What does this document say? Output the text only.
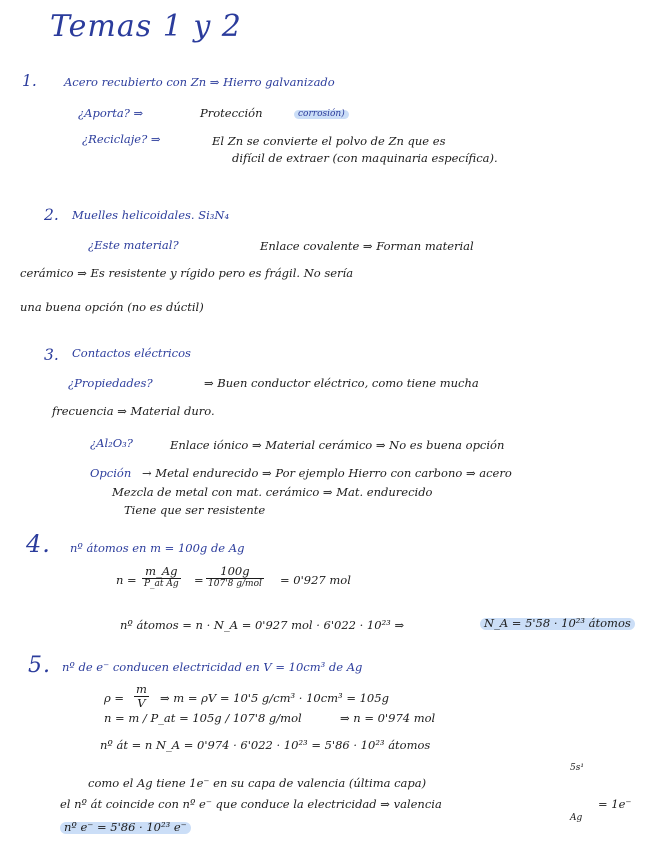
Temas 1 y 2
1. Acero recubierto con Zn ⇒ Hierro galvanizado
¿Aporta? ⇒	Protección	corrosión)
¿Reciclaje? ⇒	El Zn se convierte el polvo de Zn que es
difícil de extraer (con maquinaria específica).
2. Muelles helicoidales. Si₃N₄
¿Este material?	Enlace covalente ⇒ Forman material
cerámico ⇒ Es resistente y rígido pero es frágil. No sería
una buena opción (no es dúctil)
3. Contactos eléctricos
¿Propiedades?	⇒ Buen conductor eléctrico, como tiene mucha
frecuencia ⇒ Material duro.
¿Al₂O₃?	Enlace iónico ⇒ Material cerámico ⇒ No es buena opción
Opción → Metal endurecido ⇒ Por ejemplo Hierro con carbono ⇒ acero
Mezcla de metal con mat. cerámico ⇒ Mat. endurecido
Tiene que ser resistente
4. nº átomos en m = 100g de Ag
n =
m_Ag
P_at Ag =
100g
107'8 g/mol = 0'927 mol
nº átomos = n · N_A = 0'927 mol · 6'022 · 10²³ ⇒	N_A = 5'58 · 10²³ átomos
5. nº de e⁻ conducen electricidad en V = 10cm³ de Ag
$\rho = \frac{m}{V}$ ⇒ m = ρV = 10'5 g/cm³ · 10cm³ = 105g
n = m / P_at = 105g / 107'8 g/mol	⇒ n = 0'974 mol
nº át = n N_A = 0'974 · 6'022 · 10²³ = 5'86 · 10²³ átomos
5s¹
como el Ag tiene 1e⁻ en su capa de valencia (última capa)
el nº át coincide con nº e⁻ que conduce la electricidad ⇒ valencia	= 1e⁻
Ag
nº e⁻ = 5'86 · 10²³ e⁻
